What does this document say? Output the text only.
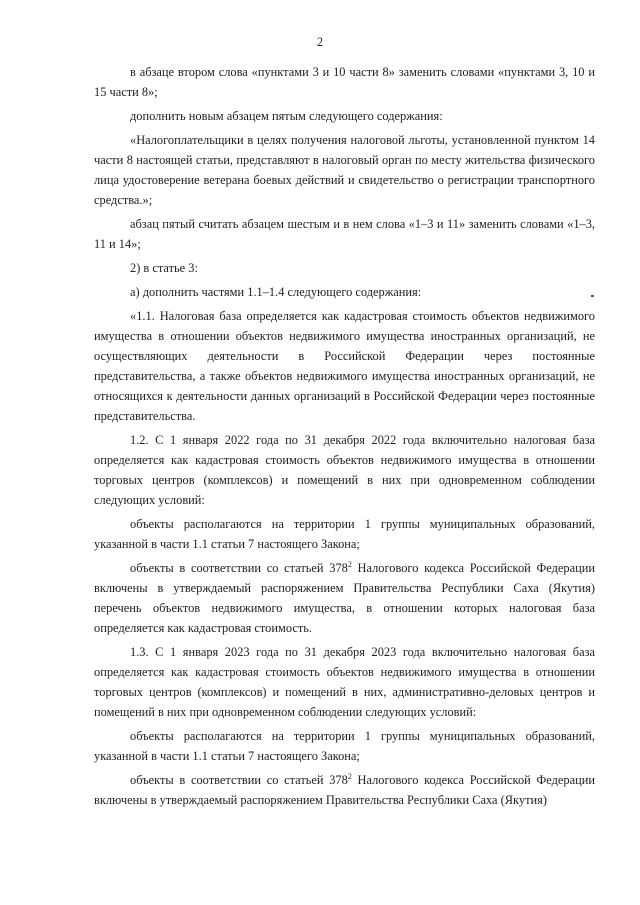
2

в абзаце втором слова «пунктами 3 и 10 части 8» заменить словами «пунктами 3, 10 и 15 части 8»;

дополнить новым абзацем пятым следующего содержания:

«Налогоплательщики в целях получения налоговой льготы, установленной пунктом 14 части 8 настоящей статьи, представляют в налоговый орган по месту жительства физического лица удостоверение ветерана боевых действий и свидетельство о регистрации транспортного средства.»;

абзац пятый считать абзацем шестым и в нем слова «1–3 и 11» заменить словами «1–3, 11 и 14»;

2) в статье 3:

а) дополнить частями 1.1–1.4 следующего содержания:

«1.1. Налоговая база определяется как кадастровая стоимость объектов недвижимого имущества в отношении объектов недвижимого имущества иностранных организаций, не осуществляющих деятельности в Российской Федерации через постоянные представительства, а также объектов недвижимого имущества иностранных организаций, не относящихся к деятельности данных организаций в Российской Федерации через постоянные представительства.

1.2. С 1 января 2022 года по 31 декабря 2022 года включительно налоговая база определяется как кадастровая стоимость объектов недвижимого имущества в отношении торговых центров (комплексов) и помещений в них при одновременном соблюдении следующих условий:

объекты располагаются на территории 1 группы муниципальных образований, указанной в части 1.1 статьи 7 настоящего Закона;

объекты в соответствии со статьей $378^2$ Налогового кодекса Российской Федерации включены в утверждаемый распоряжением Правительства Республики Саха (Якутия) перечень объектов недвижимого имущества, в отношении которых налоговая база определяется как кадастровая стоимость.

1.3. С 1 января 2023 года по 31 декабря 2023 года включительно налоговая база определяется как кадастровая стоимость объектов недвижимого имущества в отношении торговых центров (комплексов) и помещений в них, административно-деловых центров и помещений в них при одновременном соблюдении следующих условий:

объекты располагаются на территории 1 группы муниципальных образований, указанной в части 1.1 статьи 7 настоящего Закона;

объекты в соответствии со статьей $378^2$ Налогового кодекса Российской Федерации включены в утверждаемый распоряжением Правительства Республики Саха (Якутия)
